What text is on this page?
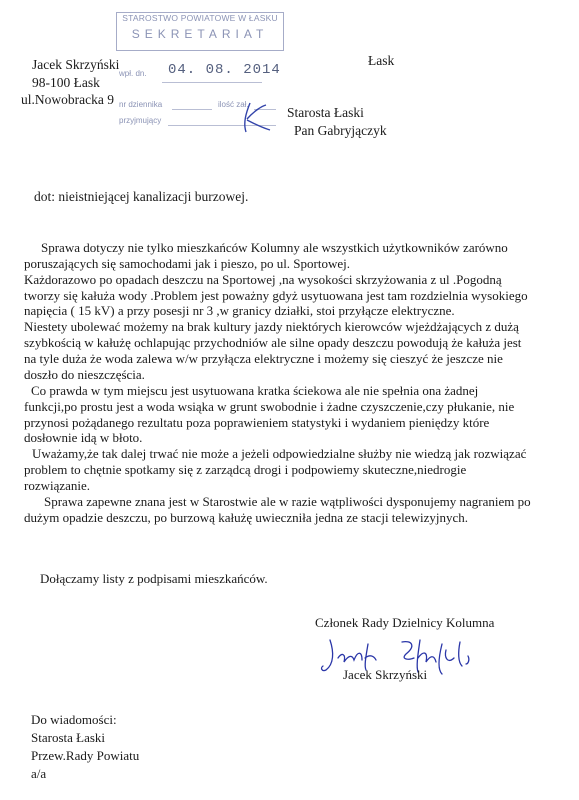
Jacek Skrzyński
98-100 Łask
ul.Nowobracka 9
Łask
STAROSTWO POWIATOWE W ŁASKU
SEKRETARIAT
wpł. dn. 04. 08. 2014
nr dziennika	ilość zał.
przyjmujący
Starosta Łaski
Pan Gabryjączyk
dot: nieistniejącej kanalizacji burzowej.
Sprawa dotyczy nie tylko mieszkańców Kolumny ale wszystkich użytkowników zarówno
poruszających się samochodami jak i pieszo, po ul. Sportowej.
Każdorazowo po opadach deszczu na Sportowej ,na wysokości skrzyżowania z ul .Pogodną
tworzy się kałuża wody .Problem jest poważny gdyż usytuowana jest tam rozdzielnia wysokiego
napięcia ( 15 kV) a przy posesji nr 3 ,w granicy działki, stoi przyłącze elektryczne.
Niestety ubolewać możemy na brak kultury jazdy niektórych kierowców wjeżdżających z dużą
szybkością w kałużę ochlapując przychodniów ale silne opady deszczu powodują że kałuża jest
na tyle duża że woda zalewa w/w przyłącza elektryczne i możemy się cieszyć że jeszcze nie
doszło do nieszczęścia.
Co prawda w tym miejscu jest usytuowana kratka ściekowa ale nie spełnia ona żadnej
funkcji,po prostu jest a woda wsiąka w grunt swobodnie i żadne czyszczenie,czy płukanie, nie
przynosi pożądanego rezultatu poza poprawieniem statystyki i wydaniem pieniędzy które
dosłownie idą w błoto.
Uważamy,że tak dalej trwać nie może a jeżeli odpowiedzialne służby nie wiedzą jak rozwiązać
problem to chętnie spotkamy się z zarządcą drogi i podpowiemy skuteczne,niedrogie
rozwiązanie.
Sprawa zapewne znana jest w Starostwie ale w razie wątpliwości dysponujemy nagraniem po
dużym opadzie deszczu, po burzową kałużę uwieczniła jedna ze stacji telewizyjnych.
Dołączamy listy z podpisami mieszkańców.
Członek Rady Dzielnicy Kolumna
Jacek Skrzyński
Do wiadomości:
Starosta Łaski
Przew.Rady Powiatu
a/a
